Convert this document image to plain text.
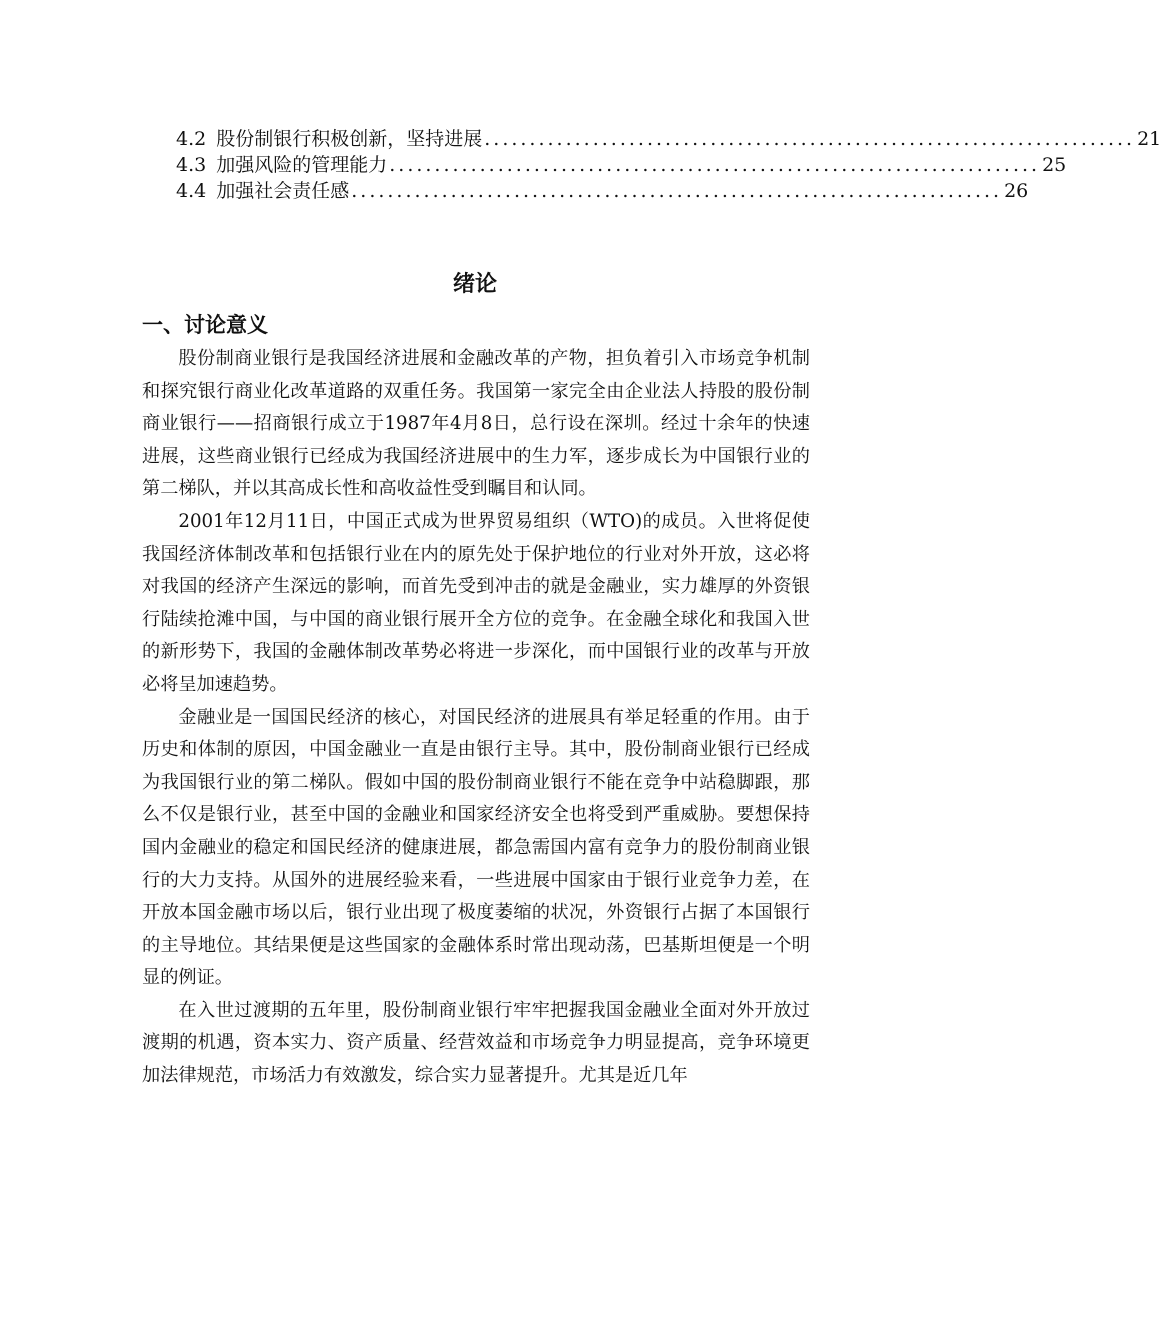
4.2 股份制银行积极创新，坚持进展 ........................................................................ 21
4.3 加强风险的管理能力 ........................................................................ 25
4.4 加强社会责任感 ........................................................................ 26
绪论
一、讨论意义

股份制商业银行是我国经济进展和金融改革的产物，担负着引入市场竞争机制和探究银行商业化改革道路的双重任务。我国第一家完全由企业法人持股的股份制商业银行——招商银行成立于1987年4月8日，总行设在深圳。经过十余年的快速进展，这些商业银行已经成为我国经济进展中的生力军，逐步成长为中国银行业的第二梯队，并以其高成长性和高收益性受到瞩目和认同。

2001年12月11日，中国正式成为世界贸易组织（WTO)的成员。入世将促使我国经济体制改革和包括银行业在内的原先处于保护地位的行业对外开放，这必将对我国的经济产生深远的影响，而首先受到冲击的就是金融业，实力雄厚的外资银行陆续抢滩中国，与中国的商业银行展开全方位的竞争。在金融全球化和我国入世的新形势下，我国的金融体制改革势必将进一步深化，而中国银行业的改革与开放必将呈加速趋势。

金融业是一国国民经济的核心，对国民经济的进展具有举足轻重的作用。由于历史和体制的原因，中国金融业一直是由银行主导。其中，股份制商业银行已经成为我国银行业的第二梯队。假如中国的股份制商业银行不能在竞争中站稳脚跟，那么不仅是银行业，甚至中国的金融业和国家经济安全也将受到严重威胁。要想保持国内金融业的稳定和国民经济的健康进展，都急需国内富有竞争力的股份制商业银行的大力支持。从国外的进展经验来看，一些进展中国家由于银行业竞争力差，在开放本国金融市场以后，银行业出现了极度萎缩的状况，外资银行占据了本国银行的主导地位。其结果便是这些国家的金融体系时常出现动荡，巴基斯坦便是一个明显的例证。

在入世过渡期的五年里，股份制商业银行牢牢把握我国金融业全面对外开放过渡期的机遇，资本实力、资产质量、经营效益和市场竞争力明显提高，竞争环境更加法律规范，市场活力有效激发，综合实力显著提升。尤其是近几年
